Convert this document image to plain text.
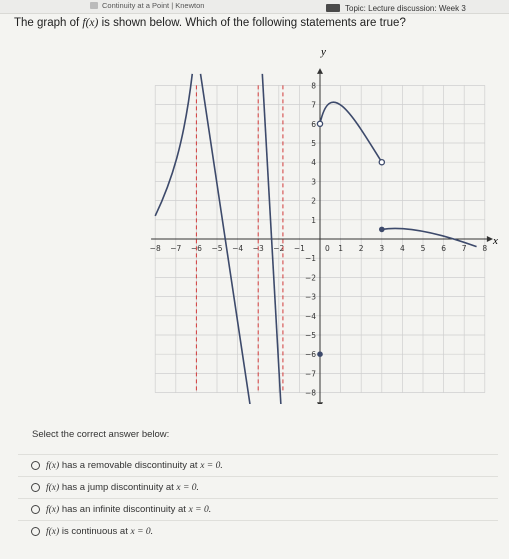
Continuity at a Point | Knewton	Topic: Lecture discussion: Week 3
The graph of f(x) is shown below. Which of the following statements are true?
−8 −7 −6 −5 −4 −3 −2 −1	1 2 3 4 5 6 7 8
0
8
7
6
5
4
3
2
1
−1
−2
−3
−4
−5
−6
−7
−8
x
y
Select the correct answer below:
f(x) has a removable discontinuity at x = 0.
f(x) has a jump discontinuity at x = 0.
f(x) has an infinite discontinuity at x = 0.
f(x) is continuous at x = 0.
